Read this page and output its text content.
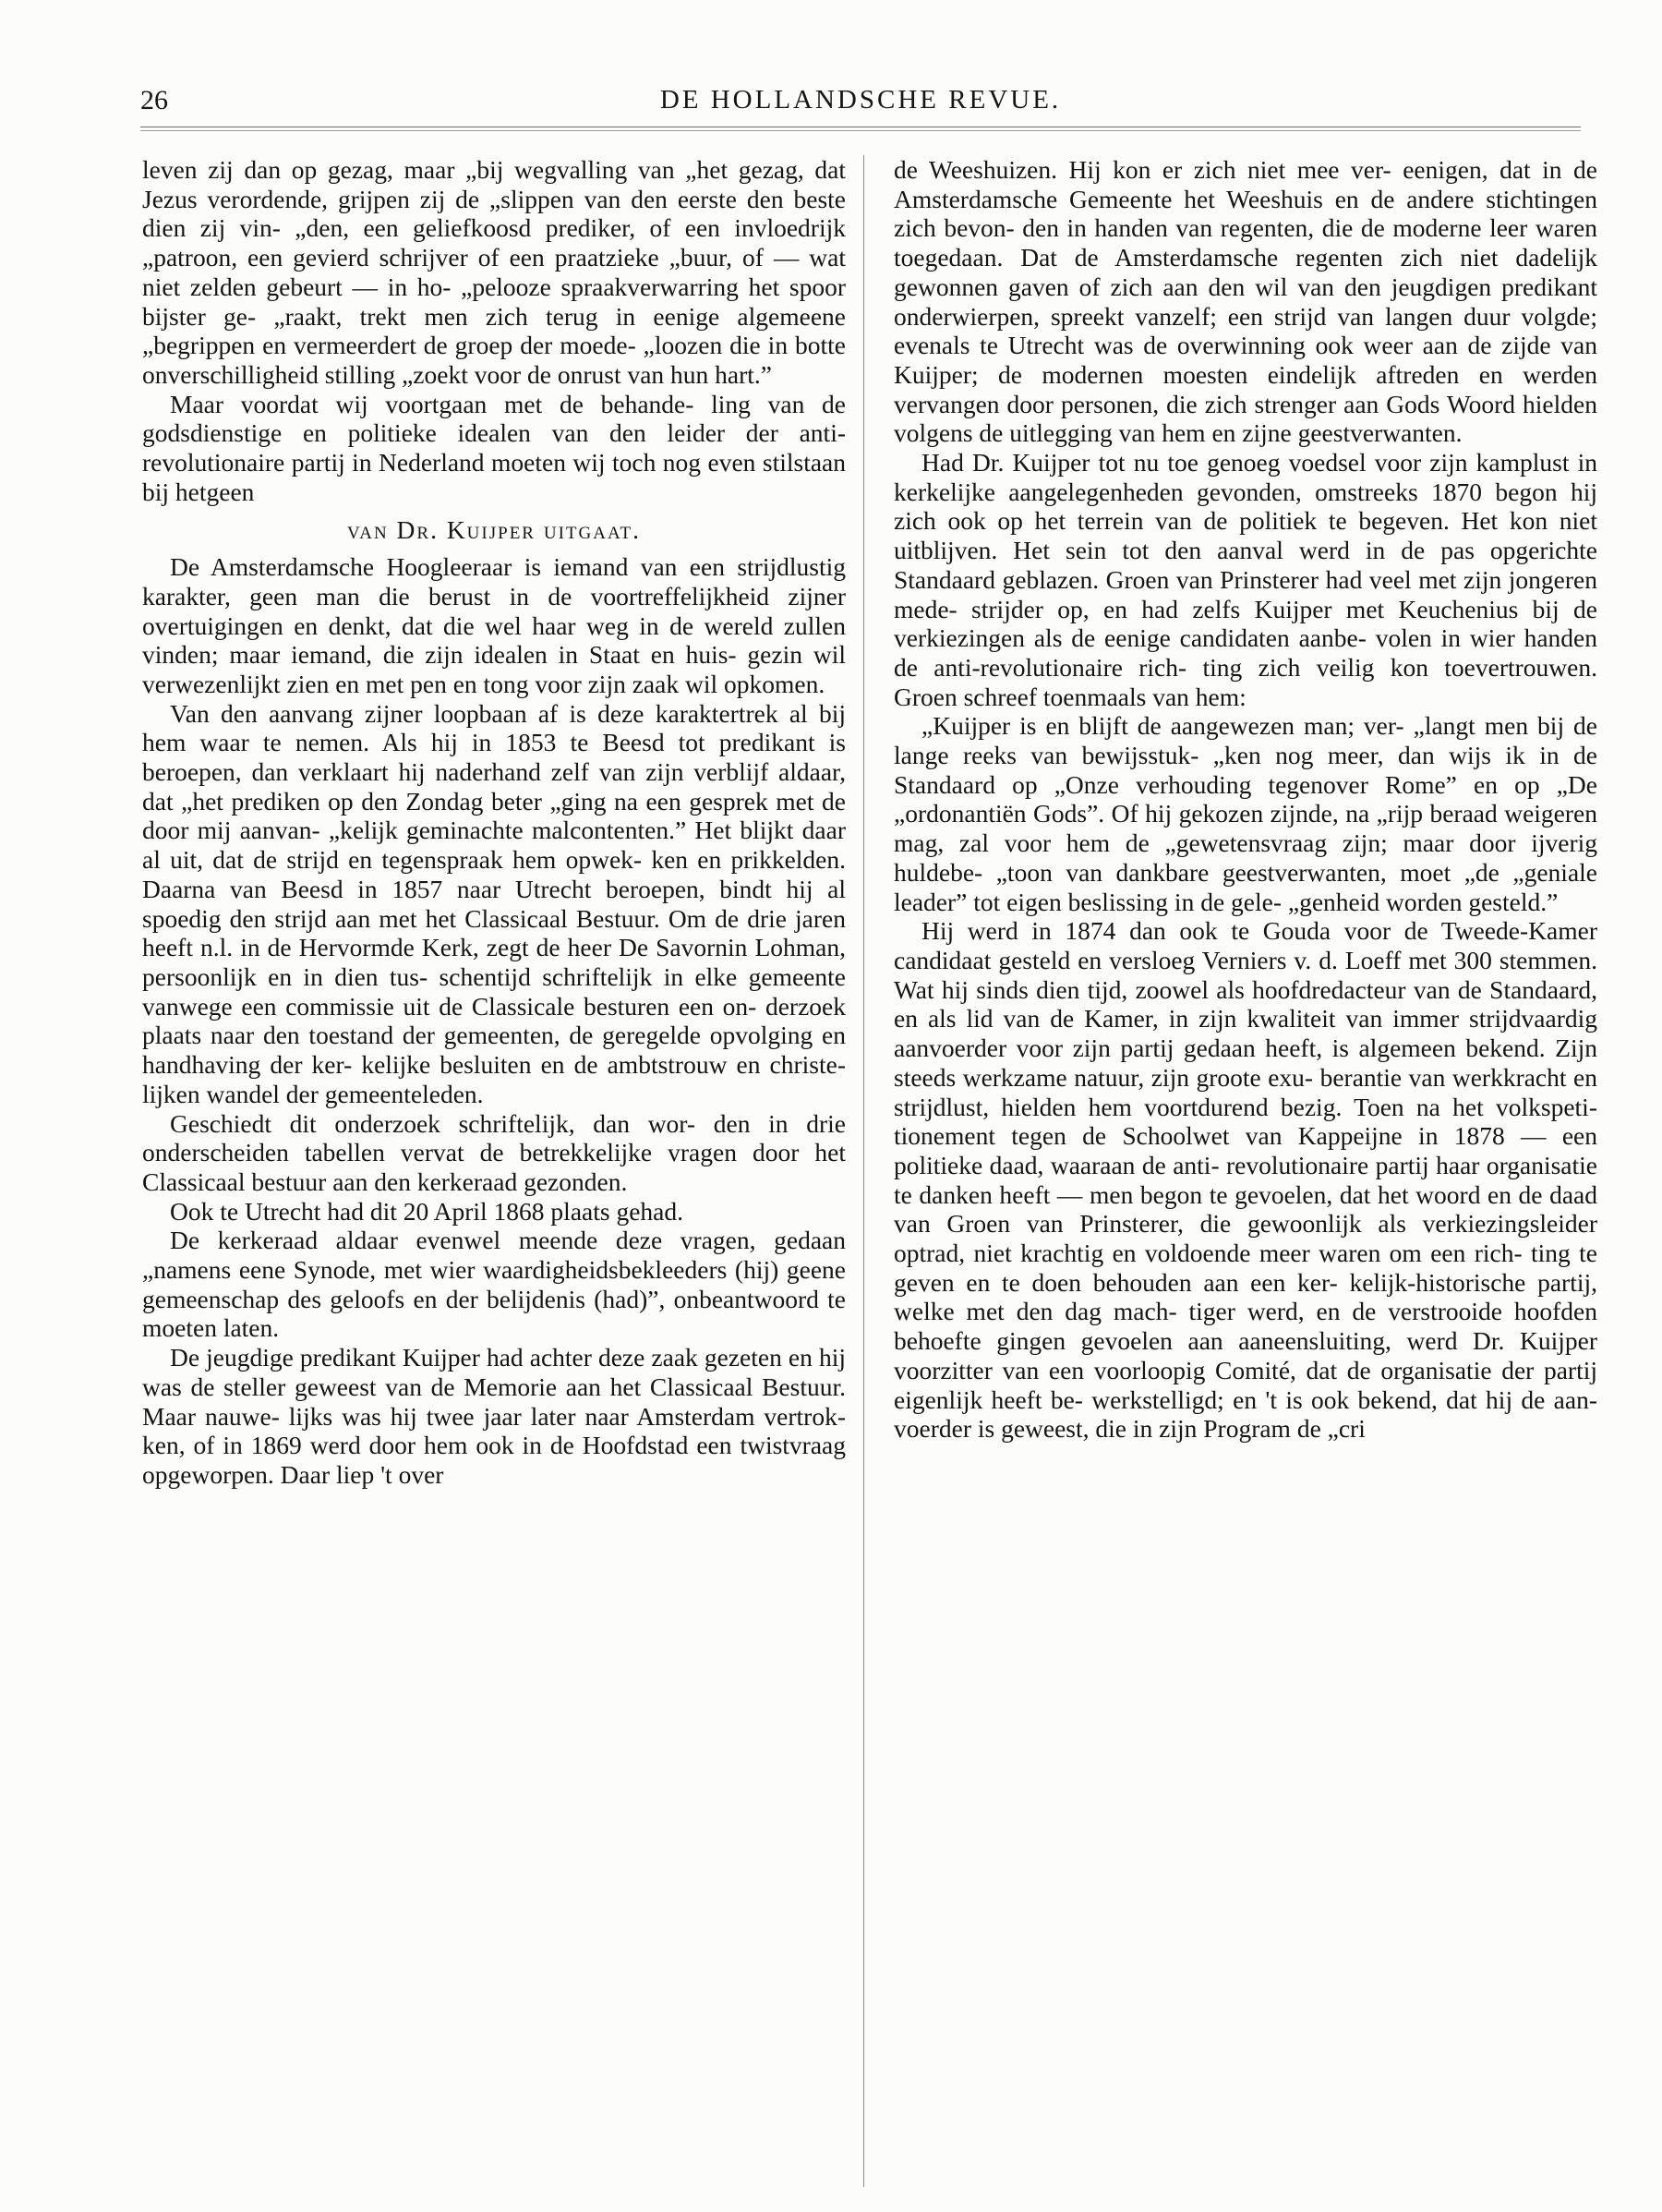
26	DE HOLLANDSCHE REVUE.

leven zij dan op gezag, maar „bij wegvalling van „het gezag, dat Jezus verordende, grijpen zij de „slippen van den eerste den beste dien zij vin- „den, een geliefkoosd prediker, of een invloedrijk „patroon, een gevierd schrijver of een praatzieke „buur, of — wat niet zelden gebeurt — in ho- „pelooze spraakverwarring het spoor bijster ge- „raakt, trekt men zich terug in eenige algemeene „begrippen en vermeerdert de groep der moede- „loozen die in botte onverschilligheid stilling „zoekt voor de onrust van hun hart.”

Maar voordat wij voortgaan met de behande- ling van de godsdienstige en politieke idealen van den leider der anti-revolutionaire partij in Nederland moeten wij toch nog even stilstaan bij hetgeen

van Dr. Kuijper uitgaat.

De Amsterdamsche Hoogleeraar is iemand van een strijdlustig karakter, geen man die berust in de voortreffelijkheid zijner overtuigingen en denkt, dat die wel haar weg in de wereld zullen vinden; maar iemand, die zijn idealen in Staat en huis- gezin wil verwezenlijkt zien en met pen en tong voor zijn zaak wil opkomen.

Van den aanvang zijner loopbaan af is deze karaktertrek al bij hem waar te nemen. Als hij in 1853 te Beesd tot predikant is beroepen, dan verklaart hij naderhand zelf van zijn verblijf aldaar, dat „het prediken op den Zondag beter „ging na een gesprek met de door mij aanvan- „kelijk geminachte malcontenten.” Het blijkt daar al uit, dat de strijd en tegenspraak hem opwek- ken en prikkelden. Daarna van Beesd in 1857 naar Utrecht beroepen, bindt hij al spoedig den strijd aan met het Classicaal Bestuur. Om de drie jaren heeft n.l. in de Hervormde Kerk, zegt de heer De Savornin Lohman, persoonlijk en in dien tus- schentijd schriftelijk in elke gemeente vanwege een commissie uit de Classicale besturen een on- derzoek plaats naar den toestand der gemeenten, de geregelde opvolging en handhaving der ker- kelijke besluiten en de ambtstrouw en christe- lijken wandel der gemeenteleden.

Geschiedt dit onderzoek schriftelijk, dan wor- den in drie onderscheiden tabellen vervat de betrekkelijke vragen door het Classicaal bestuur aan den kerkeraad gezonden.

Ook te Utrecht had dit 20 April 1868 plaats gehad.

De kerkeraad aldaar evenwel meende deze vragen, gedaan „namens eene Synode, met wier waardigheidsbekleeders (hij) geene gemeenschap des geloofs en der belijdenis (had)”, onbeantwoord te moeten laten.

De jeugdige predikant Kuijper had achter deze zaak gezeten en hij was de steller geweest van de Memorie aan het Classicaal Bestuur. Maar nauwe- lijks was hij twee jaar later naar Amsterdam vertrok- ken, of in 1869 werd door hem ook in de Hoofdstad een twistvraag opgeworpen. Daar liep 't over

de Weeshuizen. Hij kon er zich niet mee ver- eenigen, dat in de Amsterdamsche Gemeente het Weeshuis en de andere stichtingen zich bevon- den in handen van regenten, die de moderne leer waren toegedaan. Dat de Amsterdamsche regenten zich niet dadelijk gewonnen gaven of zich aan den wil van den jeugdigen predikant onderwierpen, spreekt vanzelf; een strijd van langen duur volgde; evenals te Utrecht was de overwinning ook weer aan de zijde van Kuijper; de modernen moesten eindelijk aftreden en werden vervangen door personen, die zich strenger aan Gods Woord hielden volgens de uitlegging van hem en zijne geestverwanten.

Had Dr. Kuijper tot nu toe genoeg voedsel voor zijn kamplust in kerkelijke aangelegenheden gevonden, omstreeks 1870 begon hij zich ook op het terrein van de politiek te begeven. Het kon niet uitblijven. Het sein tot den aanval werd in de pas opgerichte Standaard geblazen. Groen van Prinsterer had veel met zijn jongeren mede- strijder op, en had zelfs Kuijper met Keuchenius bij de verkiezingen als de eenige candidaten aanbe- volen in wier handen de anti-revolutionaire rich- ting zich veilig kon toevertrouwen. Groen schreef toenmaals van hem:

„Kuijper is en blijft de aangewezen man; ver- „langt men bij de lange reeks van bewijsstuk- „ken nog meer, dan wijs ik in de Standaard op „Onze verhouding tegenover Rome” en op „De „ordonantiën Gods”. Of hij gekozen zijnde, na „rijp beraad weigeren mag, zal voor hem de „gewetensvraag zijn; maar door ijverig huldebe- „toon van dankbare geestverwanten, moet „de „geniale leader” tot eigen beslissing in de gele- „genheid worden gesteld.”

Hij werd in 1874 dan ook te Gouda voor de Tweede-Kamer candidaat gesteld en versloeg Verniers v. d. Loeff met 300 stemmen. Wat hij sinds dien tijd, zoowel als hoofdredacteur van de Standaard, en als lid van de Kamer, in zijn kwaliteit van immer strijdvaardig aanvoerder voor zijn partij gedaan heeft, is algemeen bekend. Zijn steeds werkzame natuur, zijn groote exu- berantie van werkkracht en strijdlust, hielden hem voortdurend bezig. Toen na het volkspeti- tionement tegen de Schoolwet van Kappeijne in 1878 — een politieke daad, waaraan de anti- revolutionaire partij haar organisatie te danken heeft — men begon te gevoelen, dat het woord en de daad van Groen van Prinsterer, die gewoonlijk als verkiezingsleider optrad, niet krachtig en voldoende meer waren om een rich- ting te geven en te doen behouden aan een ker- kelijk-historische partij, welke met den dag mach- tiger werd, en de verstrooide hoofden behoefte gingen gevoelen aan aaneensluiting, werd Dr. Kuijper voorzitter van een voorloopig Comité, dat de organisatie der partij eigenlijk heeft be- werkstelligd; en 't is ook bekend, dat hij de aan- voerder is geweest, die in zijn Program de „cri
